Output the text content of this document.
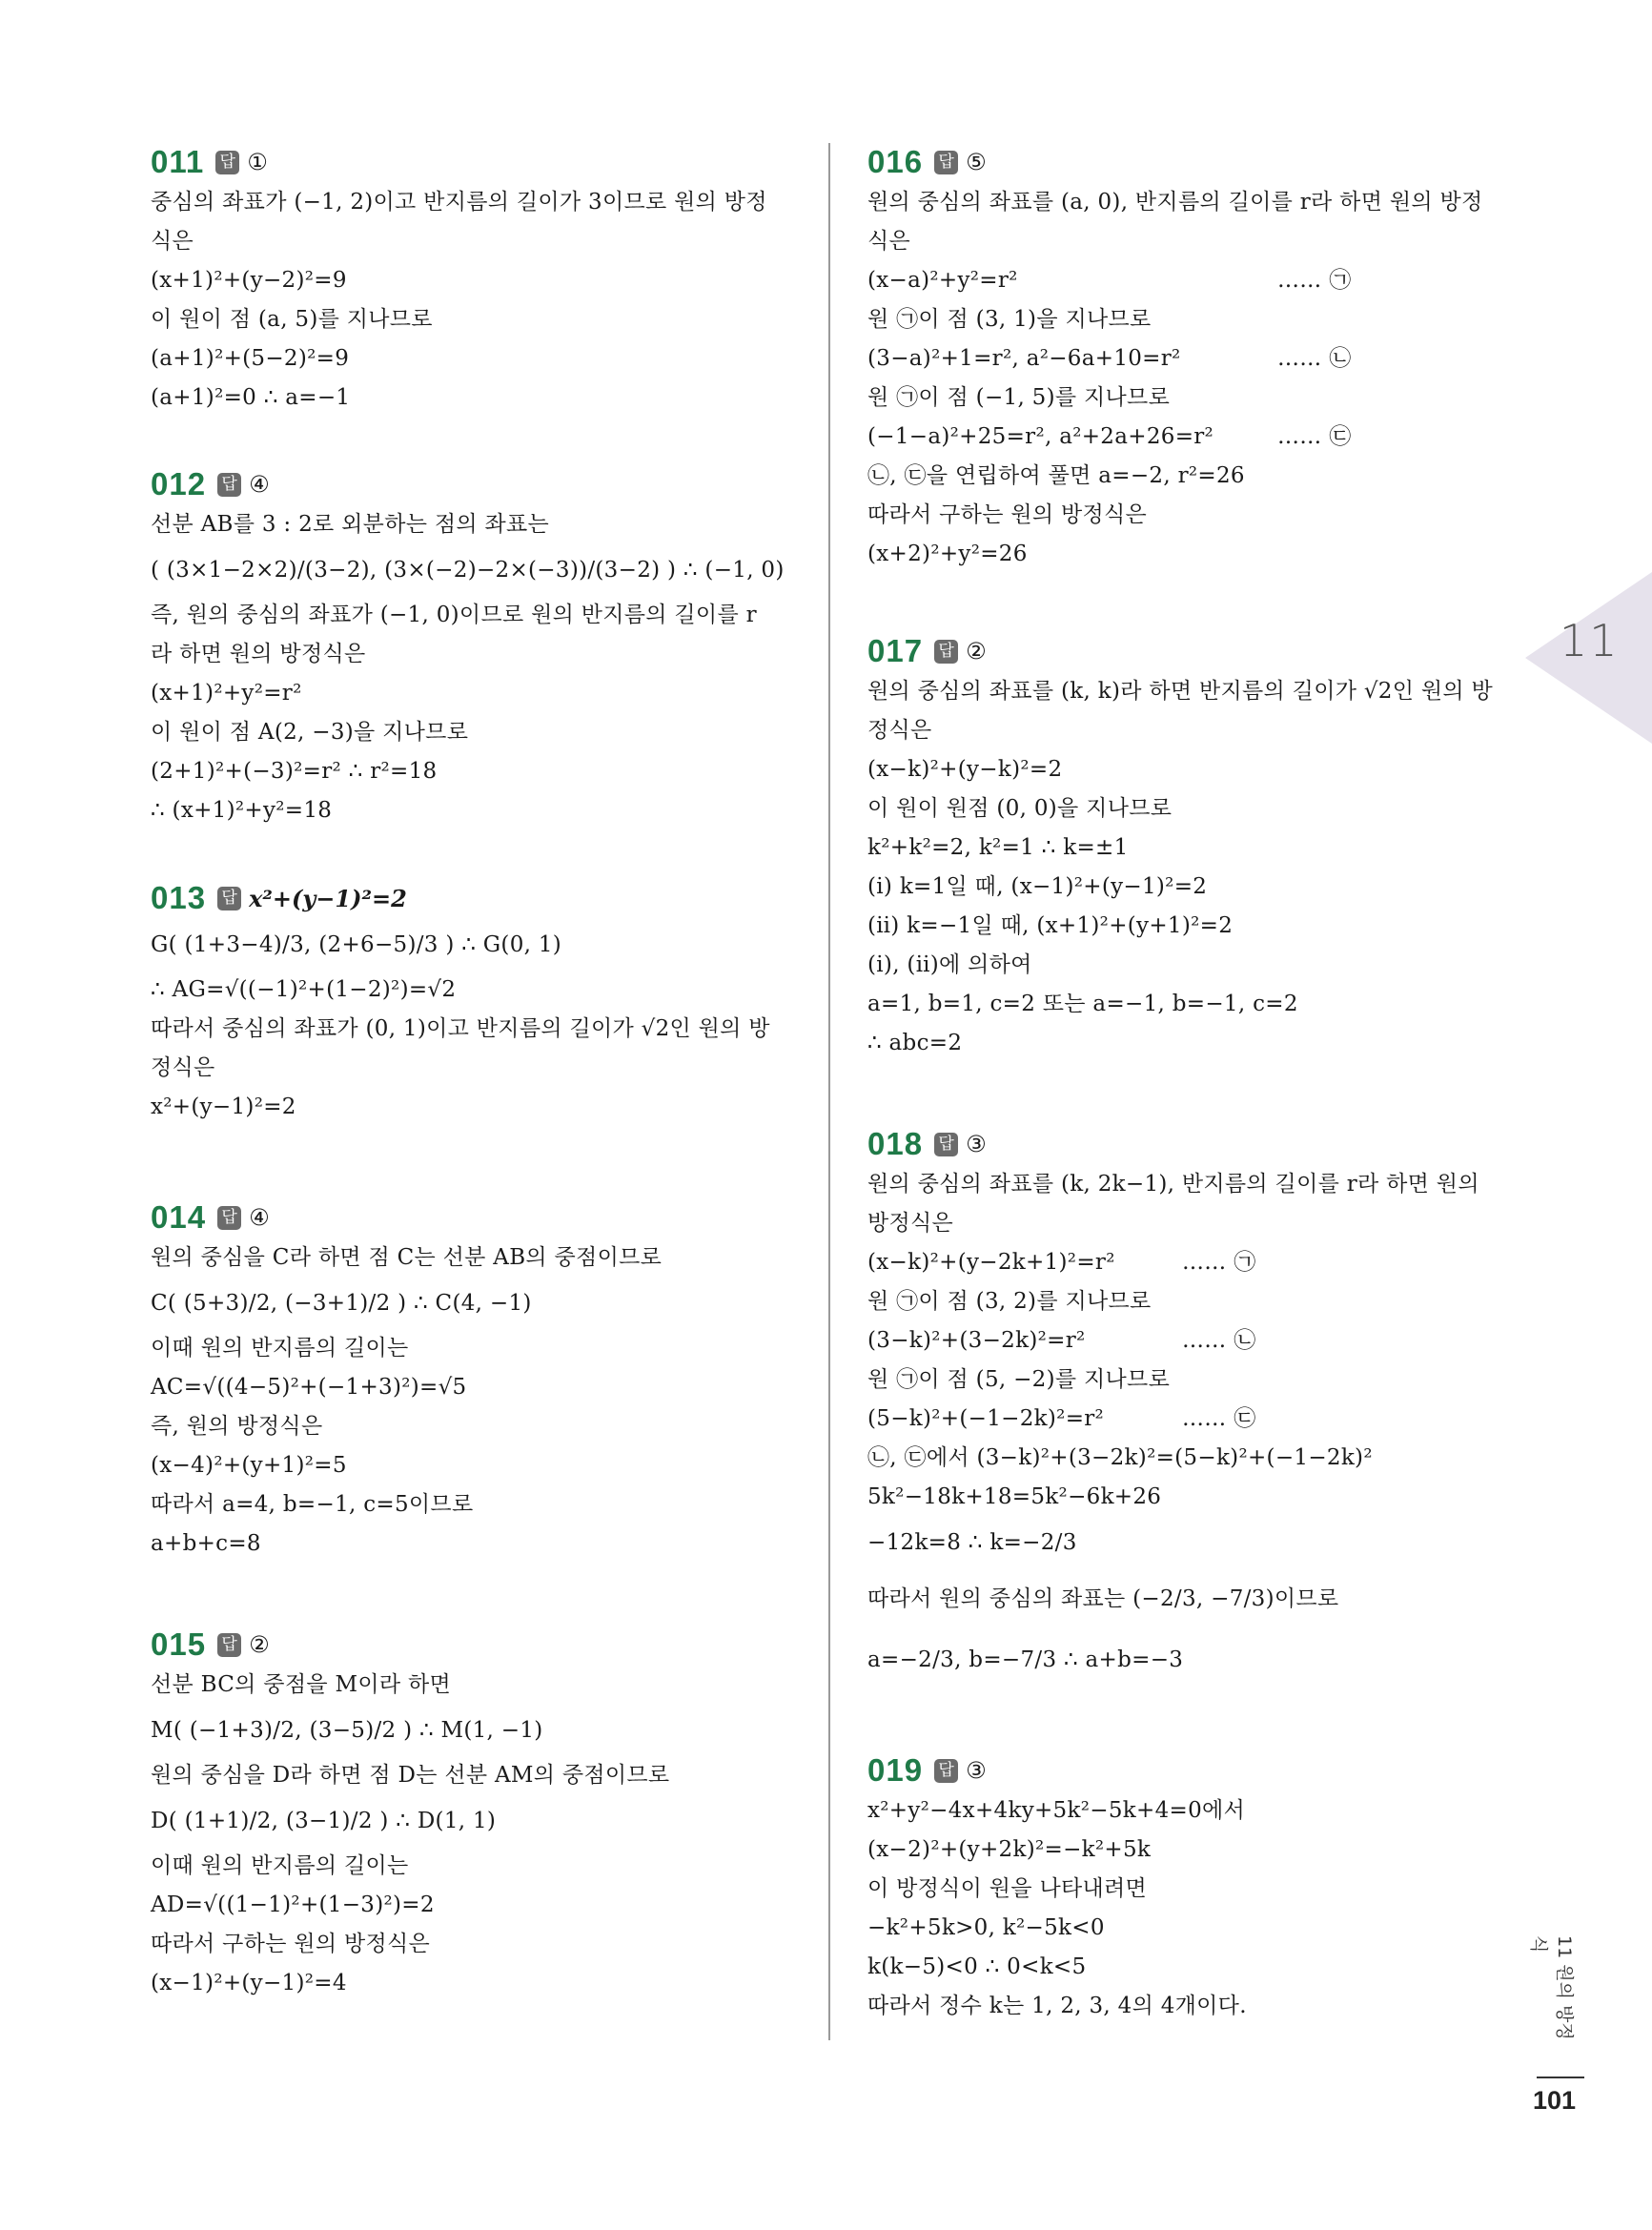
011 답 ①
중심의 좌표가 (−1, 2)이고 반지름의 길이가 3이므로 원의 방정
식은
(x+1)²+(y−2)²=9
이 원이 점 (a, 5)를 지나므로
(a+1)²+(5−2)²=9
(a+1)²=0 ∴ a=−1
012 답 ④
선분 AB를 3 : 2로 외분하는 점의 좌표는
( (3×1−2×2)/(3−2), (3×(−2)−2×(−3))/(3−2) ) ∴ (−1, 0)
즉, 원의 중심의 좌표가 (−1, 0)이므로 원의 반지름의 길이를 r
라 하면 원의 방정식은
(x+1)²+y²=r²
이 원이 점 A(2, −3)을 지나므로
(2+1)²+(−3)²=r² ∴ r²=18
∴ (x+1)²+y²=18
013 답 x²+(y−1)²=2
G( (1+3−4)/3, (2+6−5)/3 ) ∴ G(0, 1)
∴ AG=√((−1)²+(1−2)²)=√2
따라서 중심의 좌표가 (0, 1)이고 반지름의 길이가 √2인 원의 방
정식은
x²+(y−1)²=2
014 답 ④
원의 중심을 C라 하면 점 C는 선분 AB의 중점이므로
C( (5+3)/2, (−3+1)/2 ) ∴ C(4, −1)
이때 원의 반지름의 길이는
AC=√((4−5)²+(−1+3)²)=√5
즉, 원의 방정식은
(x−4)²+(y+1)²=5
따라서 a=4, b=−1, c=5이므로
a+b+c=8
015 답 ②
선분 BC의 중점을 M이라 하면
M( (−1+3)/2, (3−5)/2 ) ∴ M(1, −1)
원의 중심을 D라 하면 점 D는 선분 AM의 중점이므로
D( (1+1)/2, (3−1)/2 ) ∴ D(1, 1)
이때 원의 반지름의 길이는
AD=√((1−1)²+(1−3)²)=2
따라서 구하는 원의 방정식은
(x−1)²+(y−1)²=4
016 답 ⑤
원의 중심의 좌표를 (a, 0), 반지름의 길이를 r라 하면 원의 방정
식은
(x−a)²+y²=r²	…… ㉠
원 ㉠이 점 (3, 1)을 지나므로
(3−a)²+1=r², a²−6a+10=r²	…… ㉡
원 ㉠이 점 (−1, 5)를 지나므로
(−1−a)²+25=r², a²+2a+26=r²	…… ㉢
㉡, ㉢을 연립하여 풀면 a=−2, r²=26
따라서 구하는 원의 방정식은
(x+2)²+y²=26
017 답 ②
원의 중심의 좌표를 (k, k)라 하면 반지름의 길이가 √2인 원의 방
정식은
(x−k)²+(y−k)²=2
이 원이 원점 (0, 0)을 지나므로
k²+k²=2, k²=1 ∴ k=±1
(ⅰ) k=1일 때, (x−1)²+(y−1)²=2
(ⅱ) k=−1일 때, (x+1)²+(y+1)²=2
(ⅰ), (ⅱ)에 의하여
a=1, b=1, c=2 또는 a=−1, b=−1, c=2
∴ abc=2
018 답 ③
원의 중심의 좌표를 (k, 2k−1), 반지름의 길이를 r라 하면 원의
방정식은
(x−k)²+(y−2k+1)²=r²	…… ㉠
원 ㉠이 점 (3, 2)를 지나므로
(3−k)²+(3−2k)²=r²	…… ㉡
원 ㉠이 점 (5, −2)를 지나므로
(5−k)²+(−1−2k)²=r²	…… ㉢
㉡, ㉢에서 (3−k)²+(3−2k)²=(5−k)²+(−1−2k)²
5k²−18k+18=5k²−6k+26
−12k=8 ∴ k=−2/3
따라서 원의 중심의 좌표는 (−2/3, −7/3)이므로
a=−2/3, b=−7/3 ∴ a+b=−3
019 답 ③
x²+y²−4x+4ky+5k²−5k+4=0에서
(x−2)²+(y+2k)²=−k²+5k
이 방정식이 원을 나타내려면
−k²+5k>0, k²−5k<0
k(k−5)<0 ∴ 0<k<5
따라서 정수 k는 1, 2, 3, 4의 4개이다.
11
11 원의 방정식
101
